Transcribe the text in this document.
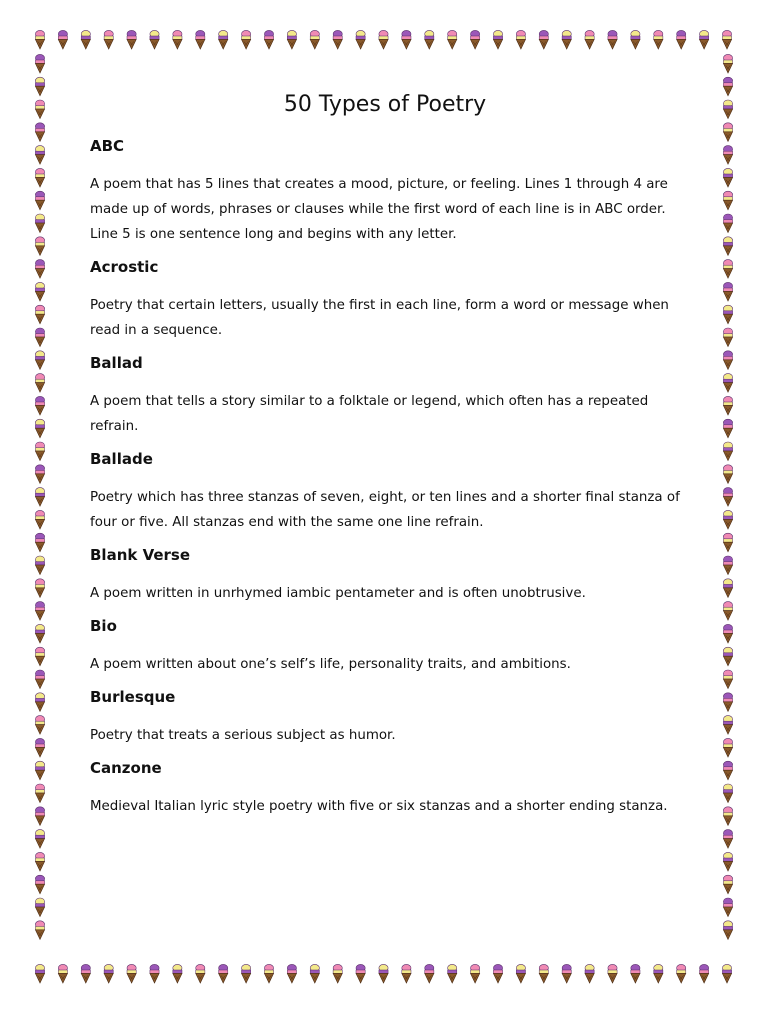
50 Types of Poetry
ABC
A poem that has 5 lines that creates a mood, picture, or feeling. Lines 1 through 4 are made up of words, phrases or clauses while the first word of each line is in ABC order. Line 5 is one sentence long and begins with any letter.
Acrostic
Poetry that certain letters, usually the first in each line, form a word or message when read in a sequence.
Ballad
A poem that tells a story similar to a folktale or legend, which often has a repeated refrain.
Ballade
Poetry which has three stanzas of seven, eight, or ten lines and a shorter final stanza of four or five. All stanzas end with the same one line refrain.
Blank Verse
A poem written in unrhymed iambic pentameter and is often unobtrusive.
Bio
A poem written about one’s self’s life, personality traits, and ambitions.
Burlesque
Poetry that treats a serious subject as humor.
Canzone
Medieval Italian lyric style poetry with five or six stanzas and a shorter ending stanza.
